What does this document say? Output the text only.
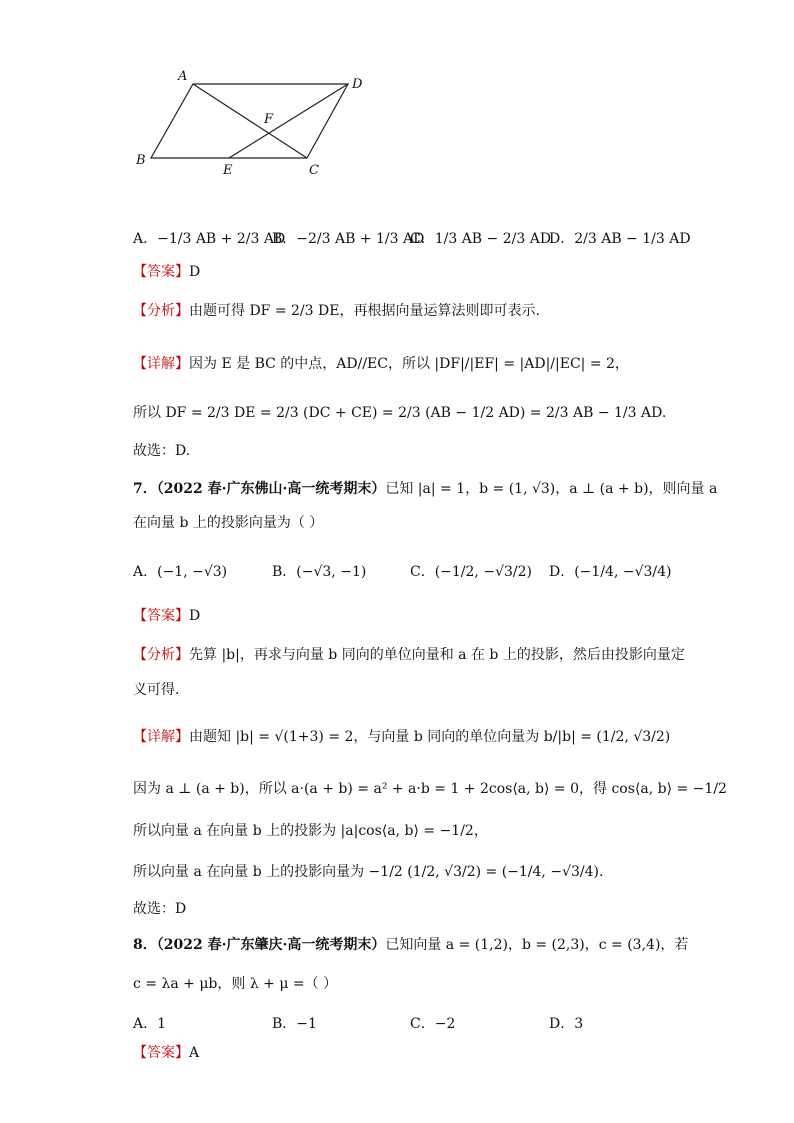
A
D
F
B
E	C
A．−1/3 AB + 2/3 AD
B．−2/3 AB + 1/3 AD
C．1/3 AB − 2/3 AD
D．2/3 AB − 1/3 AD
【答案】D
【分析】由题可得 DF = 2/3 DE，再根据向量运算法则即可表示.
【详解】因为 E 是 BC 的中点，AD//EC，所以 |DF|/|EF| = |AD|/|EC| = 2，
所以 DF = 2/3 DE = 2/3 (DC + CE) = 2/3 (AB − 1/2 AD) = 2/3 AB − 1/3 AD.
故选：D.
7．（2022 春·广东佛山·高一统考期末）已知 |a| = 1，b = (1, √3)，a ⊥ (a + b)，则向量 a
在向量 b 上的投影向量为（ ）
A．(−1, −√3)	B．(−√3, −1)	C．(−1/2, −√3/2) D．(−1/4, −√3/4)
【答案】D
【分析】先算 |b|，再求与向量 b 同向的单位向量和 a 在 b 上的投影，然后由投影向量定
义可得.
【详解】由题知 |b| = √(1+3) = 2，与向量 b 同向的单位向量为 b/|b| = (1/2, √3/2)
因为 a ⊥ (a + b)，所以 a·(a + b) = a² + a·b = 1 + 2cos⟨a, b⟩ = 0，得 cos⟨a, b⟩ = −1/2
所以向量 a 在向量 b 上的投影为 |a|cos⟨a, b⟩ = −1/2，
所以向量 a 在向量 b 上的投影向量为 −1/2 (1/2, √3/2) = (−1/4, −√3/4).
故选：D
8．（2022 春·广东肇庆·高一统考期末）已知向量 a = (1,2)，b = (2,3)，c = (3,4)，若
c = λa + μb，则 λ + μ =（ ）
A．1	B．−1	C．−2	D．3
【答案】A
